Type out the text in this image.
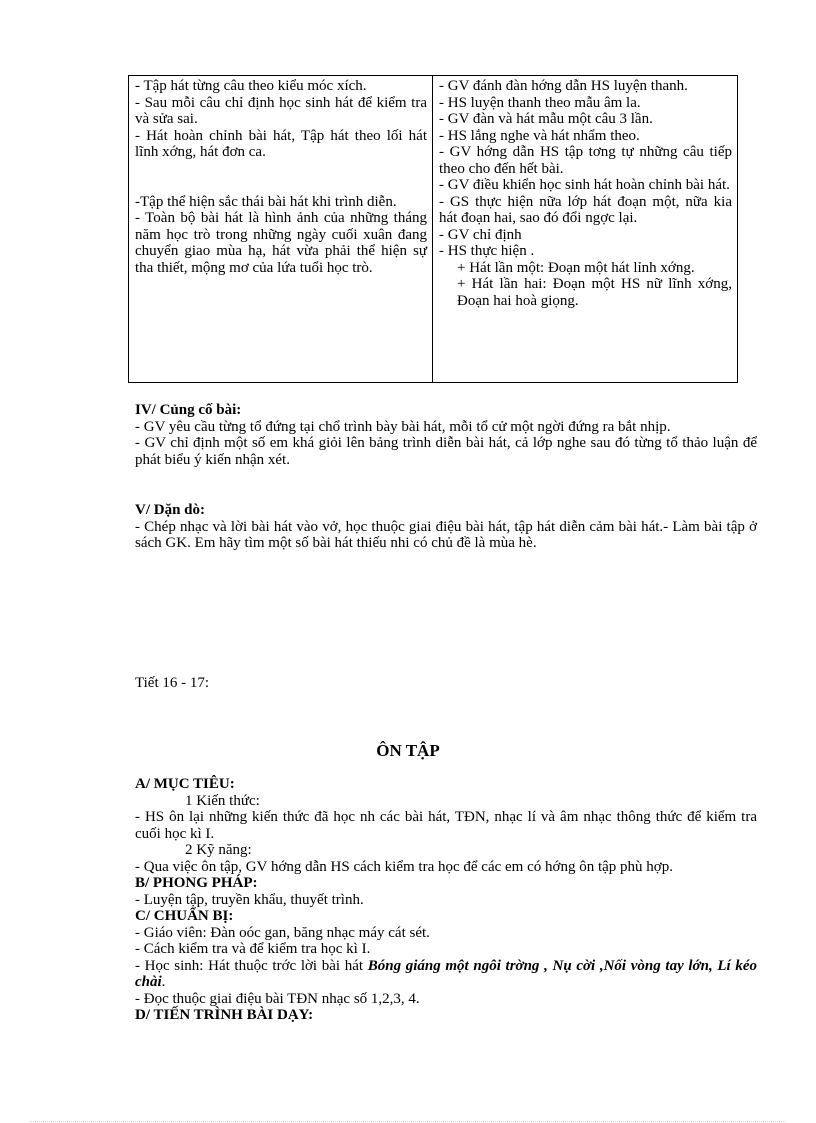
- Tập hát từng câu theo kiểu móc xích.

- Sau mỗi câu chỉ định học sinh hát để kiểm tra và sửa sai.

- Hát hoàn chỉnh bài hát, Tập hát theo lối hát lĩnh xớng, hát đơn ca.

-Tập thể hiện sắc thái bài hát khi trình diễn.

- Toàn bộ bài hát là hình ảnh của những tháng năm học trò trong những ngày cuối xuân đang chuyển giao mùa hạ, hát vừa phải thể hiện sự tha thiết, mộng mơ của lứa tuổi học trò.

- GV đánh đàn hớng dẫn HS luyện thanh.

- HS luyện thanh theo mẫu âm la.

- GV đàn và hát mẫu một câu 3 lần.

- HS lắng nghe và hát nhẩm theo.

- GV hớng dẫn HS tập tơng tự những câu tiếp theo cho đến hết bài.

- GV điều khiển học sinh hát hoàn chỉnh bài hát.

- GS thực hiện nữa lớp hát đoạn một, nữa kia hát đoạn hai, sao đó đổi ngợc lại.

- GV chỉ định

- HS thực hiện .

+ Hát lần một: Đoạn một hát lỉnh xớng.

+ Hát lần hai: Đoạn một HS nữ lĩnh xớng, Đoạn hai hoà giọng.

IV/ Củng cố bài:

- GV yêu cầu từng tổ đứng tại chổ trình bày bài hát, mỗi tổ cử một ngời đứng ra bắt nhịp.

- GV chỉ định một số em khá giỏi lên bảng trình diễn bài hát, cả lớp nghe sau đó từng tổ thảo luận để phát biểu ý kiến nhận xét.

V/ Dặn dò:

- Chép nhạc và lời bài hát vào vở, học thuộc giai điệu bài hát, tập hát diễn cảm bài hát.- Làm bài tập ở sách GK. Em hãy tìm một số bài hát thiếu nhi có chủ đề là mùa hè.

Tiết 16 - 17:
ÔN TẬP

A/ MỤC TIÊU:

1 Kiến thức:

- HS ôn lại những kiến thức đã học nh các bài hát, TĐN, nhạc lí và âm nhạc thông thức để kiểm tra cuối học kì I.

2 Kỹ năng:

- Qua việc ôn tập, GV hớng dẫn HS cách kiểm tra học để các em có hớng ôn tập phù hợp.

B/ PHONG PHÁP:

- Luyện tập, truyền khẩu, thuyết trình.

C/ CHUẨN BỊ:

- Giáo viên: Đàn oóc gan, băng nhạc máy cát sét.

- Cách kiểm tra và để kiểm tra học kì I.

- Học sinh: Hát thuộc trớc lời bài hát Bóng giáng một ngôi trờng , Nụ cời ,Nối vòng tay lớn, Lí kéo chài.

- Đọc thuộc giai điệu bài TĐN nhạc số 1,2,3, 4.

D/ TIẾN TRÌNH BÀI DẠY:
